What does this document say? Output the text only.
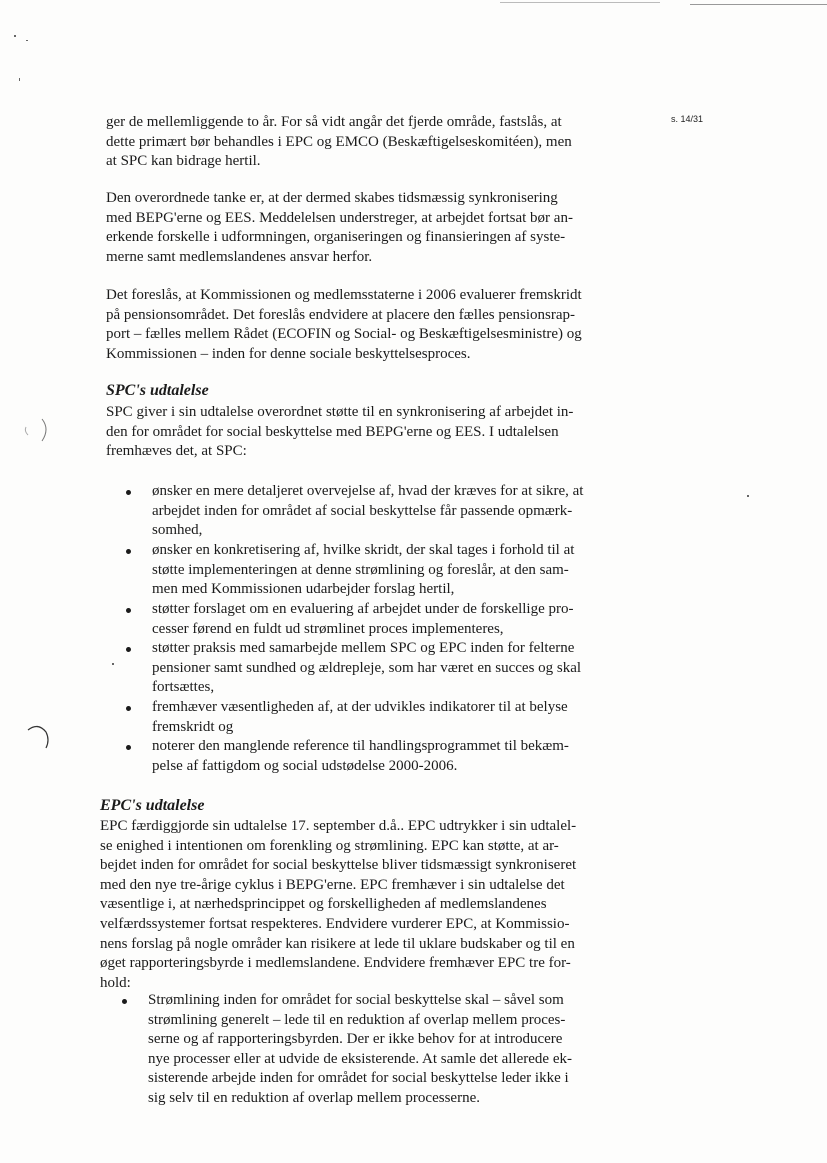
s. 14/31

ger de mellemliggende to år. For så vidt angår det fjerde område, fastslås, at
dette primært bør behandles i EPC og EMCO (Beskæftigelseskomitéen), men
at SPC kan bidrage hertil.

Den overordnede tanke er, at der dermed skabes tidsmæssig synkronisering
med BEPG'erne og EES. Meddelelsen understreger, at arbejdet fortsat bør an-
erkende forskelle i udformningen, organiseringen og finansieringen af syste-
merne samt medlemslandenes ansvar herfor.

Det foreslås, at Kommissionen og medlemsstaterne i 2006 evaluerer fremskridt
på pensionsområdet. Det foreslås endvidere at placere den fælles pensionsrap-
port – fælles mellem Rådet (ECOFIN og Social- og Beskæftigelsesministre) og
Kommissionen – inden for denne sociale beskyttelsesproces.

SPC's udtalelse

SPC giver i sin udtalelse overordnet støtte til en synkronisering af arbejdet in-
den for området for social beskyttelse med BEPG'erne og EES. I udtalelsen
fremhæves det, at SPC:

ønsker en mere detaljeret overvejelse af, hvad der kræves for at sikre, at
arbejdet inden for området af social beskyttelse får passende opmærk-
somhed,
ønsker en konkretisering af, hvilke skridt, der skal tages i forhold til at
støtte implementeringen at denne strømlining og foreslår, at den sam-
men med Kommissionen udarbejder forslag hertil,
støtter forslaget om en evaluering af arbejdet under de forskellige pro-
cesser førend en fuldt ud strømlinet proces implementeres,
støtter praksis med samarbejde mellem SPC og EPC inden for felterne
pensioner samt sundhed og ældrepleje, som har været en succes og skal
fortsættes,
fremhæver væsentligheden af, at der udvikles indikatorer til at belyse
fremskridt og
noterer den manglende reference til handlingsprogrammet til bekæm-
pelse af fattigdom og social udstødelse 2000-2006.
EPC's udtalelse

EPC færdiggjorde sin udtalelse 17. september d.å.. EPC udtrykker i sin udtalel-
se enighed i intentionen om forenkling og strømlining. EPC kan støtte, at ar-
bejdet inden for området for social beskyttelse bliver tidsmæssigt synkroniseret
med den nye tre-årige cyklus i BEPG'erne. EPC fremhæver i sin udtalelse det
væsentlige i, at nærhedsprincippet og forskelligheden af medlemslandenes
velfærdssystemer fortsat respekteres. Endvidere vurderer EPC, at Kommissio-
nens forslag på nogle områder kan risikere at lede til uklare budskaber og til en
øget rapporteringsbyrde i medlemslandene. Endvidere fremhæver EPC tre for-
hold:

Strømlining inden for området for social beskyttelse skal – såvel som
strømlining generelt – lede til en reduktion af overlap mellem proces-
serne og af rapporteringsbyrden. Der er ikke behov for at introducere
nye processer eller at udvide de eksisterende. At samle det allerede ek-
sisterende arbejde inden for området for social beskyttelse leder ikke i
sig selv til en reduktion af overlap mellem processerne.
